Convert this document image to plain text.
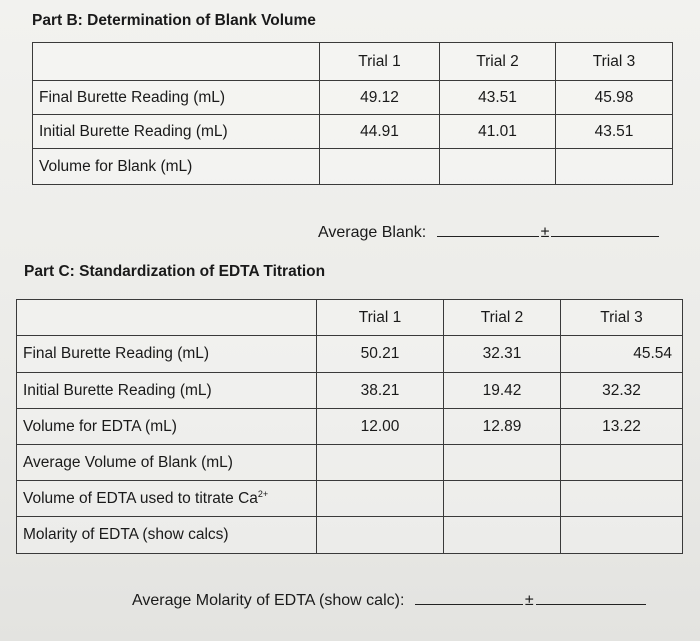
Part B: Determination of Blank Volume
	Trial 1	Trial 2	Trial 3
Final Burette Reading (mL)	49.12	43.51	45.98
Initial Burette Reading (mL)	44.91	41.01	43.51
Volume for Blank (mL)			
Average Blank:	±
Part C: Standardization of EDTA Titration
	Trial 1	Trial 2	Trial 3
Final Burette Reading (mL)	50.21	32.31	45.54
Initial Burette Reading (mL)	38.21	19.42	32.32
Volume for EDTA (mL)	12.00	12.89	13.22
Average Volume of Blank (mL)			
Volume of EDTA used to titrate $Ca^{2+}$			
Molarity of EDTA (show calcs)			
Average Molarity of EDTA (show calc):	±
